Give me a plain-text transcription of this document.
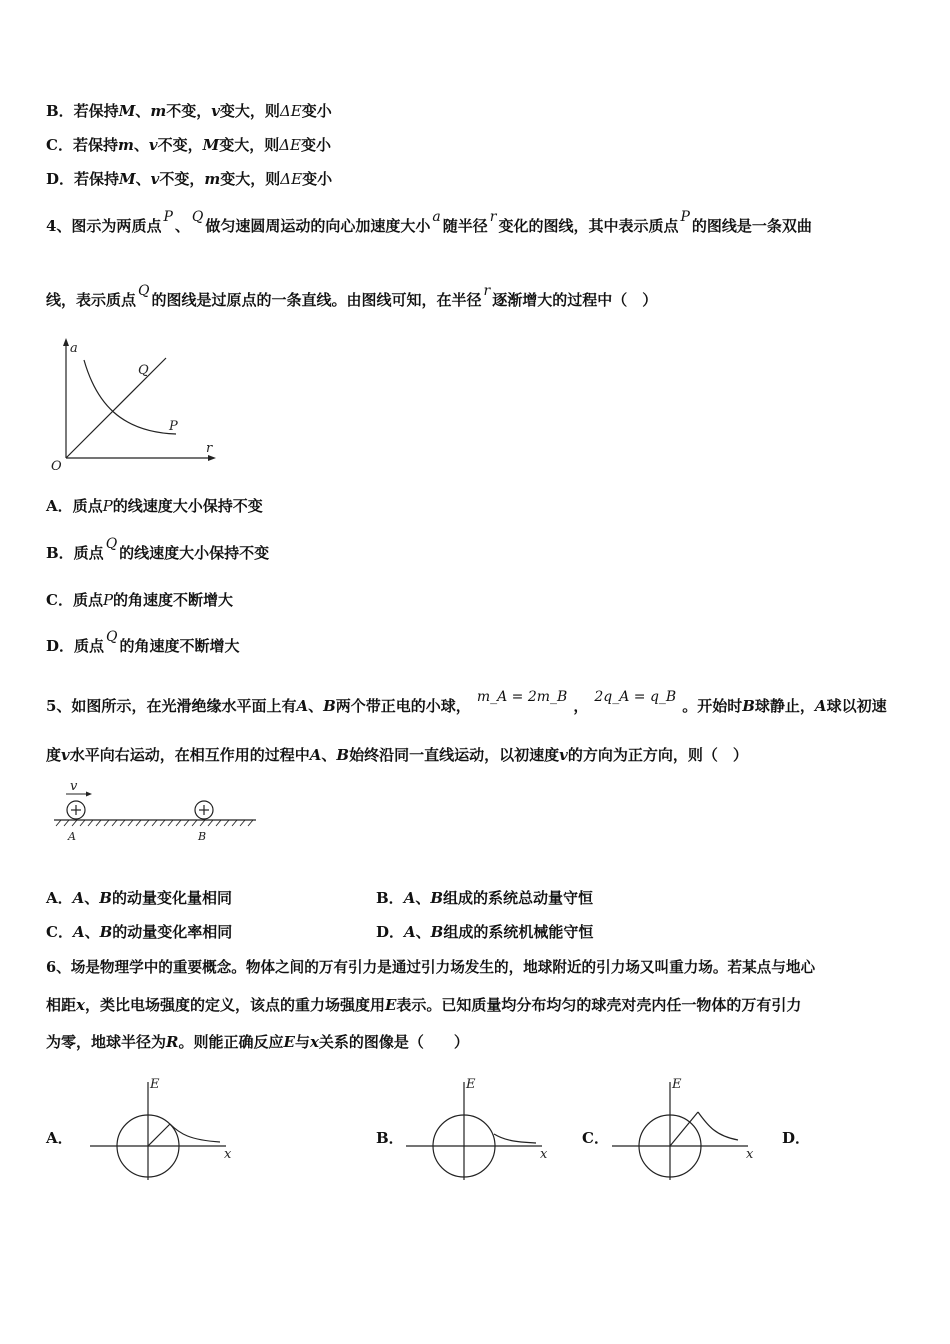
B．若保持M、m不变，v变大，则ΔE变小
C．若保持m、v不变，M变大，则ΔE变小
D．若保持M、v不变，m变大，则ΔE变小
4、图示为两质点 P 、 Q 做匀速圆周运动的向心加速度大小 a 随半径 r 变化的图线，其中表示质点 P 的图线是一条双曲
线，表示质点 Q 的图线是过原点的一条直线。由图线可知，在半径 r 逐渐增大的过程中（　）
a
r
O
Q
P
A．质点P的线速度大小保持不变
B．质点 Q 的线速度大小保持不变
C．质点P的角速度不断增大
D．质点 Q 的角速度不断增大
5、如图所示，在光滑绝缘水平面上有A、B两个带正电的小球， m_A = 2m_B ， 2q_A = q_B 。开始时B球静止，A球以初速
度v水平向右运动，在相互作用的过程中A、B始终沿同一直线运动，以初速度v的方向为正方向，则（　）
v
A	B
A．A、B的动量变化量相同	B．A、B组成的系统总动量守恒
C．A、B的动量变化率相同	D．A、B组成的系统机械能守恒
6、场是物理学中的重要概念。物体之间的万有引力是通过引力场发生的，地球附近的引力场又叫重力场。若某点与地心
相距x，类比电场强度的定义，该点的重力场强度用E表示。已知质量均分布均匀的球壳对壳内任一物体的万有引力
为零，地球半径为R。则能正确反应E与x关系的图像是（　　）
A．	B．	C．	D．
E
x
E
x
E
x
